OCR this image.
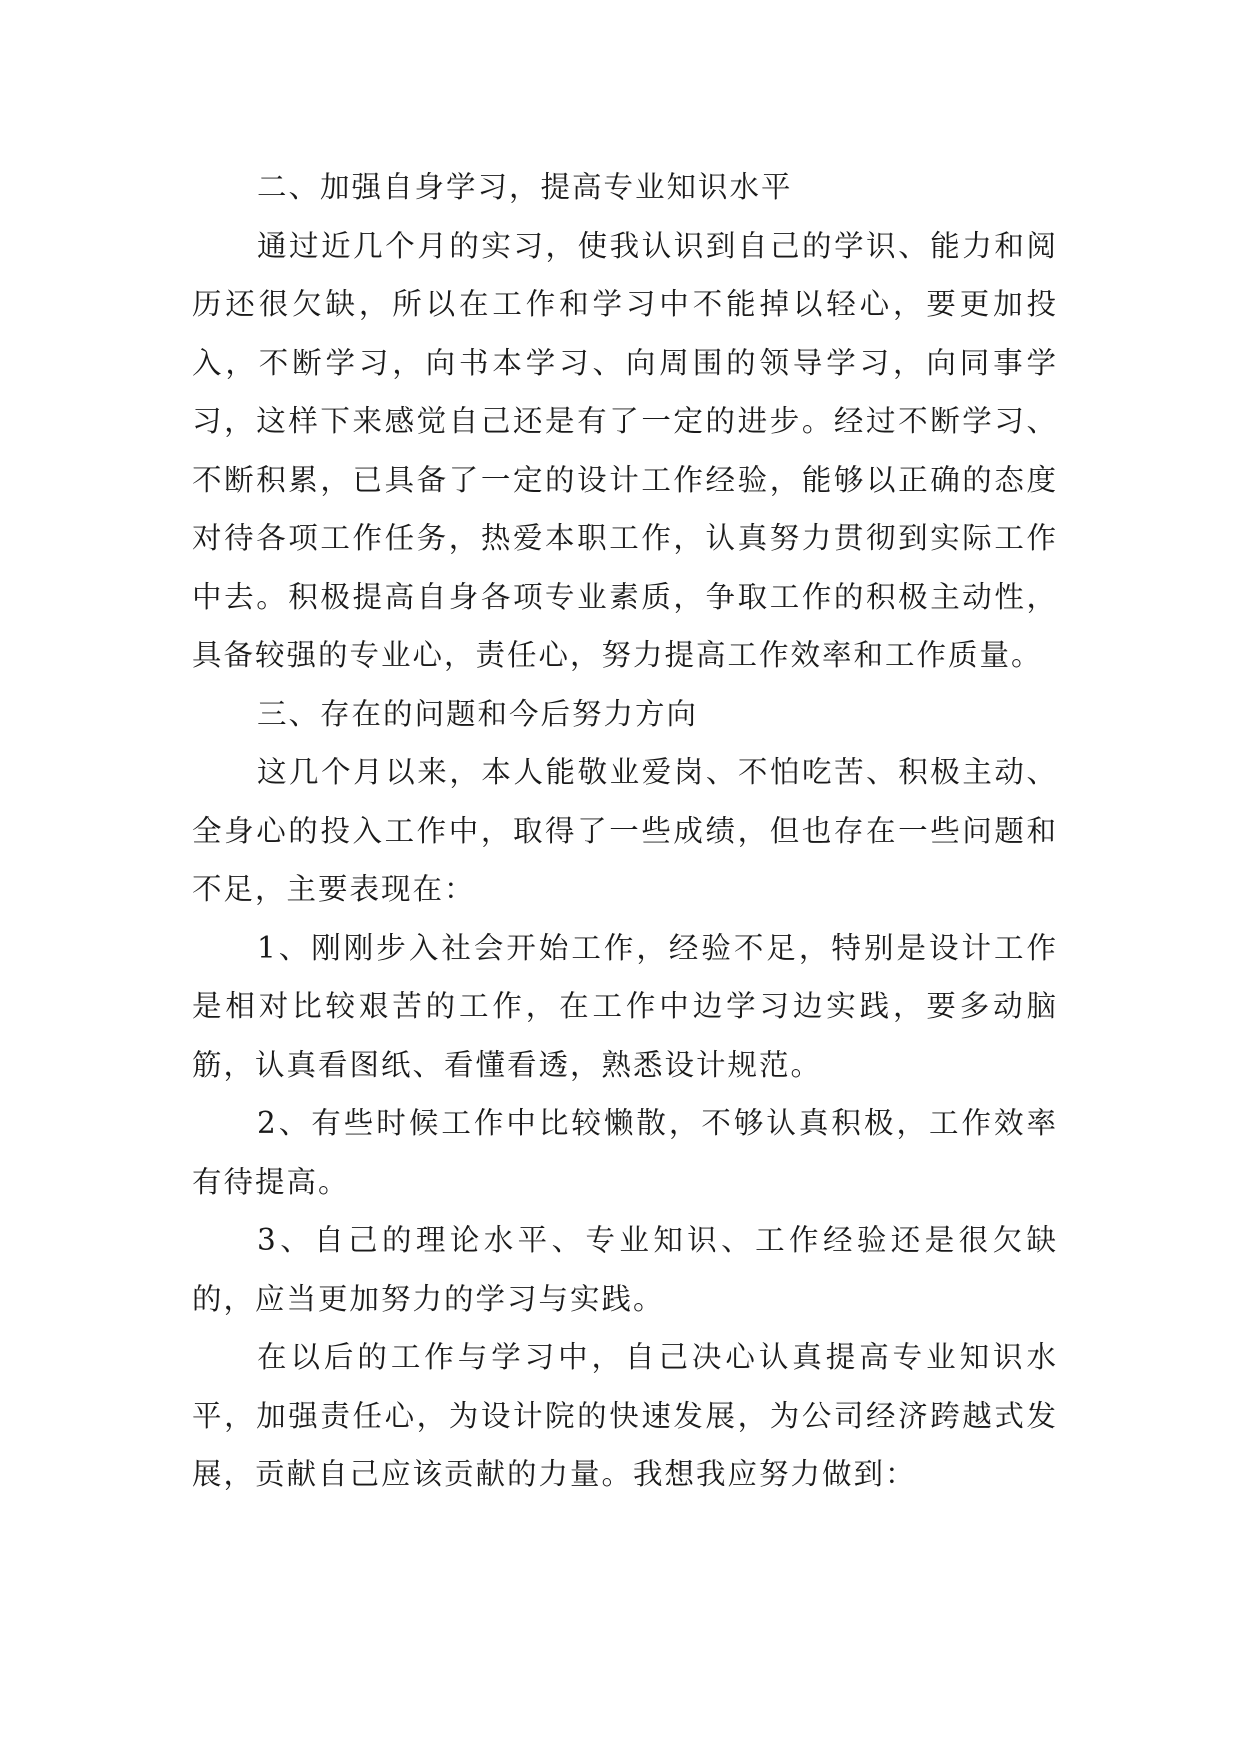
二、加强自身学习，提高专业知识水平

通过近几个月的实习，使我认识到自己的学识、能力和阅历还很欠缺，所以在工作和学习中不能掉以轻心，要更加投入，不断学习，向书本学习、向周围的领导学习，向同事学习，这样下来感觉自己还是有了一定的进步。经过不断学习、不断积累，已具备了一定的设计工作经验，能够以正确的态度对待各项工作任务，热爱本职工作，认真努力贯彻到实际工作中去。积极提高自身各项专业素质，争取工作的积极主动性，具备较强的专业心，责任心，努力提高工作效率和工作质量。

三、存在的问题和今后努力方向

这几个月以来，本人能敬业爱岗、不怕吃苦、积极主动、全身心的投入工作中，取得了一些成绩，但也存在一些问题和不足，主要表现在：

1、刚刚步入社会开始工作，经验不足，特别是设计工作是相对比较艰苦的工作，在工作中边学习边实践，要多动脑筋，认真看图纸、看懂看透，熟悉设计规范。

2、有些时候工作中比较懒散，不够认真积极，工作效率有待提高。

3、自己的理论水平、专业知识、工作经验还是很欠缺的，应当更加努力的学习与实践。

在以后的工作与学习中，自己决心认真提高专业知识水平，加强责任心，为设计院的快速发展，为公司经济跨越式发展，贡献自己应该贡献的力量。我想我应努力做到：
